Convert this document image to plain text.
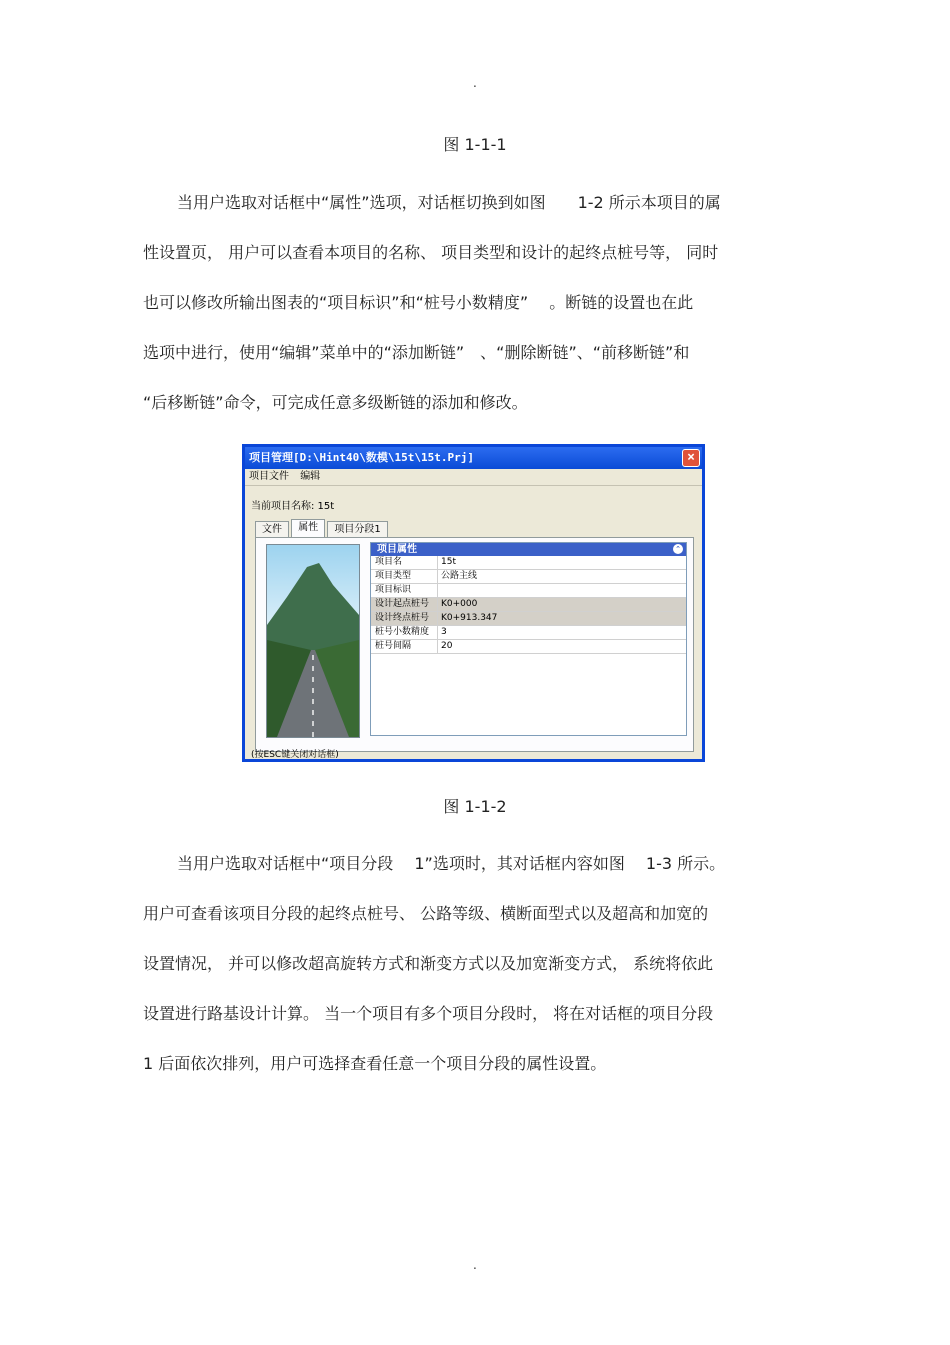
.
图 1-1-1

当用户选取对话框中“属性”选项，对话框切换到如图　　1-2 所示本项目的属

性设置页， 用户可以查看本项目的名称、 项目类型和设计的起终点桩号等， 同时

也可以修改所输出图表的“项目标识”和“桩号小数精度”　 。断链的设置也在此

选项中进行，使用“编辑”菜单中的“添加断链”　、“删除断链”、“前移断链”和

“后移断链”命令，可完成任意多级断链的添加和修改。

项目管理[D:\Hint40\数模\15t\15t.Prj]	×
项目文件 编辑
当前项目名称: 15t
文件 属性 项目分段1
项目属性	⌃
项目名	15t
项目类型	公路主线
项目标识
设计起点桩号	K0+000
设计终点桩号	K0+913.347
桩号小数精度	3
桩号间隔	20
(按ESC键关闭对话框)
图 1-1-2

当用户选取对话框中“项目分段　 1”选项时，其对话框内容如图　 1-3 所示。

用户可查看该项目分段的起终点桩号、 公路等级、横断面型式以及超高和加宽的

设置情况， 并可以修改超高旋转方式和渐变方式以及加宽渐变方式， 系统将依此

设置进行路基设计计算。 当一个项目有多个项目分段时， 将在对话框的项目分段

1 后面依次排列，用户可选择查看任意一个项目分段的属性设置。

.
